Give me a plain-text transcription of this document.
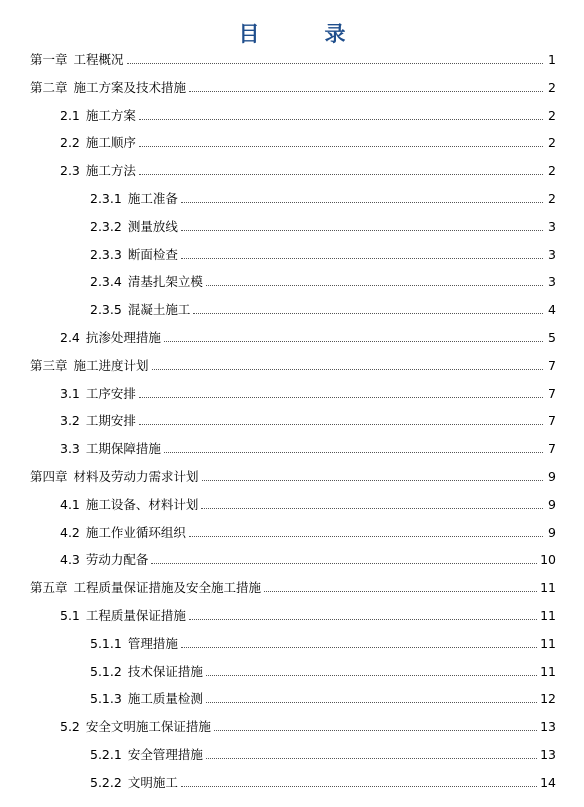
目　录
第一章 工程概况	1
第二章 施工方案及技术措施	2
2.1 施工方案	2
2.2 施工顺序	2
2.3 施工方法	2
2.3.1 施工准备	2
2.3.2 测量放线	3
2.3.3 断面检查	3
2.3.4 清基扎架立模	3
2.3.5 混凝土施工	4
2.4 抗渗处理措施	5
第三章 施工进度计划	7
3.1 工序安排	7
3.2 工期安排	7
3.3 工期保障措施	7
第四章 材料及劳动力需求计划	9
4.1 施工设备、材料计划	9
4.2 施工作业循环组织	9
4.3 劳动力配备	10
第五章 工程质量保证措施及安全施工措施	11
5.1 工程质量保证措施	11
5.1.1 管理措施	11
5.1.2 技术保证措施	11
5.1.3 施工质量检测	12
5.2 安全文明施工保证措施	13
5.2.1 安全管理措施	13
5.2.2 文明施工	14
